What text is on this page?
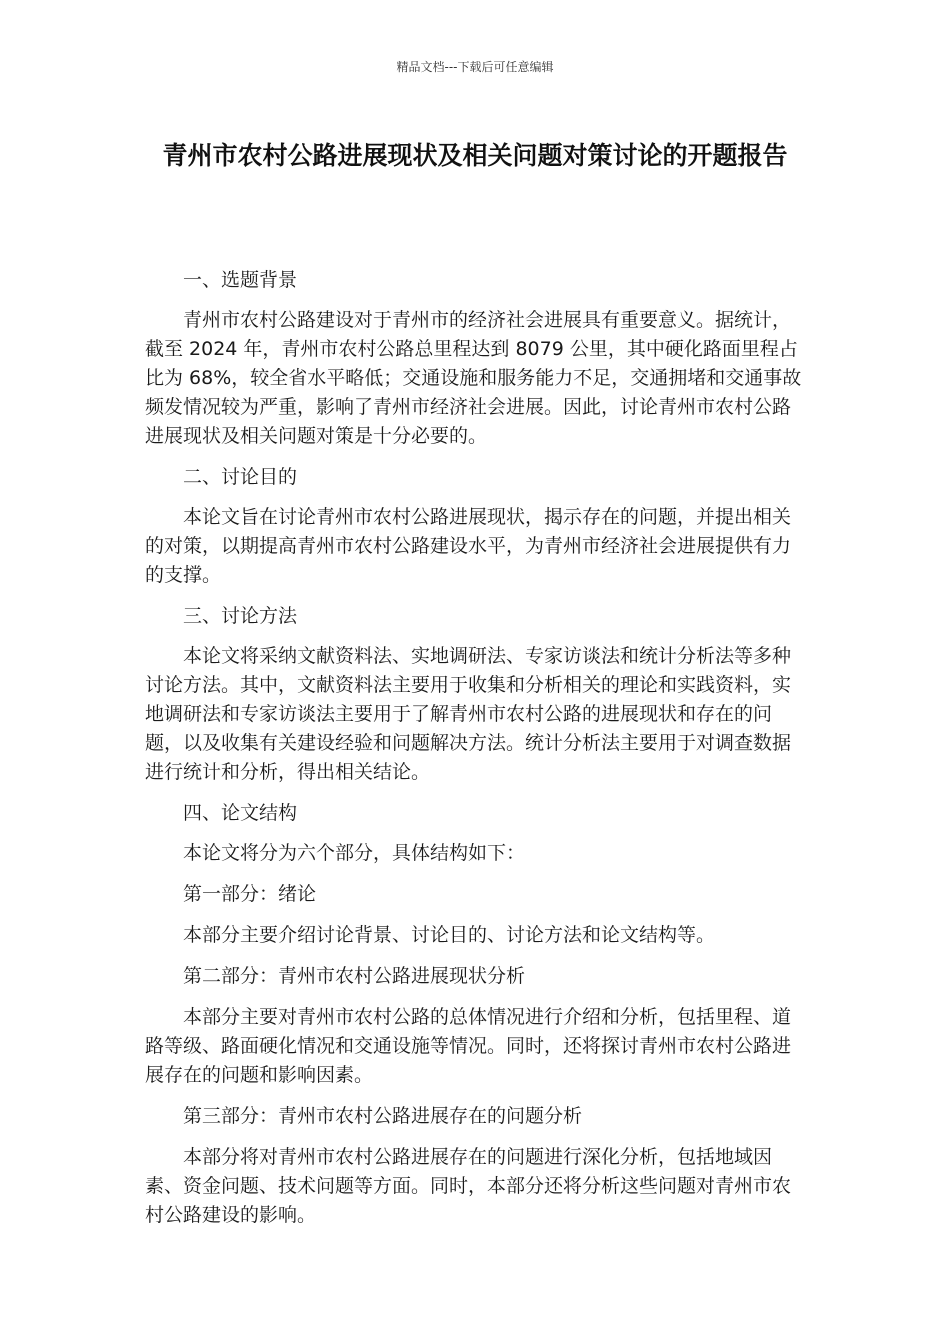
精品文档---下载后可任意编辑
青州市农村公路进展现状及相关问题对策讨论的开题报告

一、选题背景

青州市农村公路建设对于青州市的经济社会进展具有重要意义。据统计，截至 2024 年，青州市农村公路总里程达到 8079 公里，其中硬化路面里程占比为 68%，较全省水平略低；交通设施和服务能力不足，交通拥堵和交通事故频发情况较为严重，影响了青州市经济社会进展。因此，讨论青州市农村公路进展现状及相关问题对策是十分必要的。

二、讨论目的

本论文旨在讨论青州市农村公路进展现状，揭示存在的问题，并提出相关的对策，以期提高青州市农村公路建设水平，为青州市经济社会进展提供有力的支撑。

三、讨论方法

本论文将采纳文献资料法、实地调研法、专家访谈法和统计分析法等多种讨论方法。其中，文献资料法主要用于收集和分析相关的理论和实践资料，实地调研法和专家访谈法主要用于了解青州市农村公路的进展现状和存在的问题，以及收集有关建设经验和问题解决方法。统计分析法主要用于对调查数据进行统计和分析，得出相关结论。

四、论文结构

本论文将分为六个部分，具体结构如下：

第一部分：绪论

本部分主要介绍讨论背景、讨论目的、讨论方法和论文结构等。

第二部分：青州市农村公路进展现状分析

本部分主要对青州市农村公路的总体情况进行介绍和分析，包括里程、道路等级、路面硬化情况和交通设施等情况。同时，还将探讨青州市农村公路进展存在的问题和影响因素。

第三部分：青州市农村公路进展存在的问题分析

本部分将对青州市农村公路进展存在的问题进行深化分析，包括地域因素、资金问题、技术问题等方面。同时，本部分还将分析这些问题对青州市农村公路建设的影响。
